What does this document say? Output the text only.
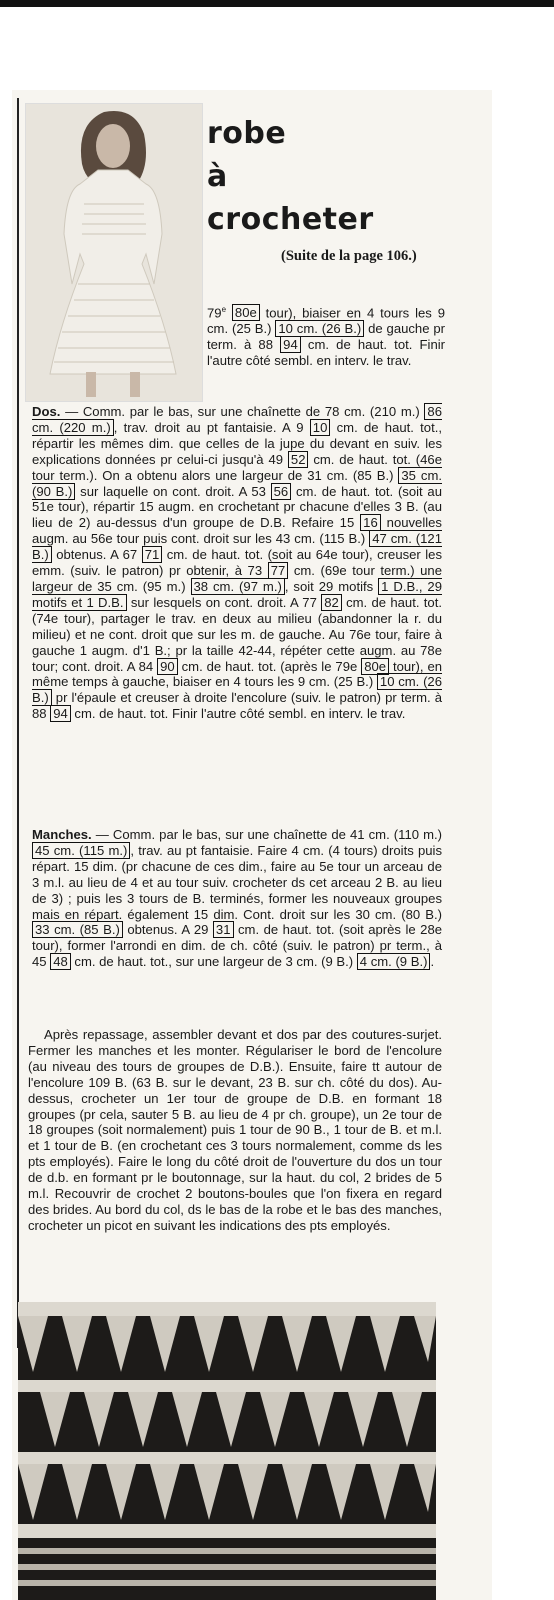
robe
à
crocheter
(Suite de la page 106.)

79e 80e tour), biaiser en 4 tours les 9 cm. (25 B.) 10 cm. (26 B.) de gauche pr term. à 88 94 cm. de haut. tot. Finir l'autre côté sembl. en interv. le trav.

Dos. — Comm. par le bas, sur une chaînette de 78 cm. (210 m.) 86 cm. (220 m.) , trav. droit au pt fantaisie. A 9 10 cm. de haut. tot., répartir les mêmes dim. que celles de la jupe du devant en suiv. les explications données pr celui-ci jusqu'à 49 52 cm. de haut. tot. (46e tour term.). On a obtenu alors une largeur de 31 cm. (85 B.) 35 cm. (90 B.) sur laquelle on cont. droit. A 53 56 cm. de haut. tot. (soit au 51e tour), répartir 15 augm. en crochetant pr chacune d'elles 3 B. (au lieu de 2) au-dessus d'un groupe de D.B. Refaire 15 16 nouvelles augm. au 56e tour puis cont. droit sur les 43 cm. (115 B.) 47 cm. (121 B.) obtenus. A 67 71 cm. de haut. tot. (soit au 64e tour), creuser les emm. (suiv. le patron) pr obtenir, à 73 77 cm. (69e tour term.) une largeur de 35 cm. (95 m.) 38 cm. (97 m.) , soit 29 motifs 1 D.B., 29 motifs et 1 D.B. sur lesquels on cont. droit. A 77 82 cm. de haut. tot. (74e tour), partager le trav. en deux au milieu (abandonner la r. du milieu) et ne cont. droit que sur les m. de gauche. Au 76e tour, faire à gauche 1 augm. d'1 B.; pr la taille 42-44, répéter cette augm. au 78e tour; cont. droit. A 84 90 cm. de haut. tot. (après le 79e 80e tour), en même temps à gauche, biaiser en 4 tours les 9 cm. (25 B.) 10 cm. (26 B.) pr l'épaule et creuser à droite l'encolure (suiv. le patron) pr term. à 88 94 cm. de haut. tot. Finir l'autre côté sembl. en interv. le trav.

Manches. — Comm. par le bas, sur une chaînette de 41 cm. (110 m.) 45 cm. (115 m.) , trav. au pt fantaisie. Faire 4 cm. (4 tours) droits puis répart. 15 dim. (pr chacune de ces dim., faire au 5e tour un arceau de 3 m.l. au lieu de 4 et au tour suiv. crocheter ds cet arceau 2 B. au lieu de 3) ; puis les 3 tours de B. terminés, former les nouveaux groupes mais en répart. également 15 dim. Cont. droit sur les 30 cm. (80 B.) 33 cm. (85 B.) obtenus. A 29 31 cm. de haut. tot. (soit après le 28e tour), former l'arrondi en dim. de ch. côté (suiv. le patron) pr term., à 45 48 cm. de haut. tot., sur une largeur de 3 cm. (9 B.) 4 cm. (9 B.) .

Après repassage, assembler devant et dos par des coutures-surjet. Fermer les manches et les monter. Régulariser le bord de l'encolure (au niveau des tours de groupes de D.B.). Ensuite, faire tt autour de l'encolure 109 B. (63 B. sur le devant, 23 B. sur ch. côté du dos). Au-dessus, crocheter un 1er tour de groupe de D.B. en formant 18 groupes (pr cela, sauter 5 B. au lieu de 4 pr ch. groupe), un 2e tour de 18 groupes (soit normalement) puis 1 tour de 90 B., 1 tour de B. et m.l. et 1 tour de B. (en crochetant ces 3 tours normalement, comme ds les pts employés). Faire le long du côté droit de l'ouverture du dos un tour de d.b. en formant pr le boutonnage, sur la haut. du col, 2 brides de 5 m.l. Recouvrir de crochet 2 boutons-boules que l'on fixera en regard des brides. Au bord du col, ds le bas de la robe et le bas des manches, crocheter un picot en suivant les indications des pts employés.
